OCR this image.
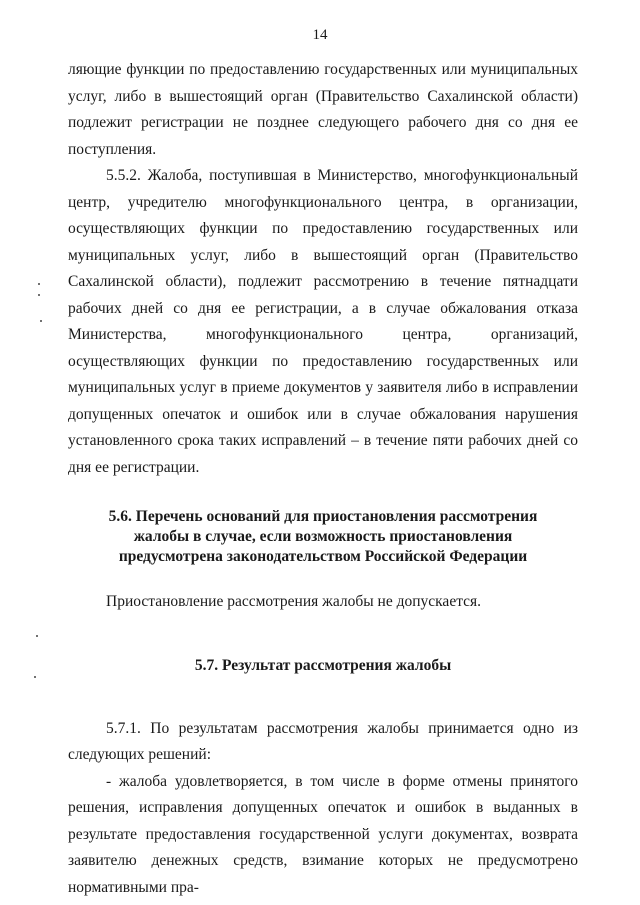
14

ляющие функции по предоставлению государственных или муниципальных услуг, либо в вышестоящий орган (Правительство Сахалинской области) подлежит регистрации не позднее следующего рабочего дня со дня ее поступления.

5.5.2. Жалоба, поступившая в Министерство, многофункциональный центр, учредителю многофункционального центра, в организации, осуществляющих функции по предоставлению государственных или муниципальных услуг, либо в вышестоящий орган (Правительство Сахалинской области), подлежит рассмотрению в течение пятнадцати рабочих дней со дня ее регистрации, а в случае обжалования отказа Министерства, многофункционального центра, организаций, осуществляющих функции по предоставлению государственных или муниципальных услуг в приеме документов у заявителя либо в исправлении допущенных опечаток и ошибок или в случае обжалования нарушения установленного срока таких исправлений – в течение пяти рабочих дней со дня ее регистрации.

5.6. Перечень оснований для приостановления рассмотрения
жалобы в случае, если возможность приостановления
предусмотрена законодательством Российской Федерации

Приостановление рассмотрения жалобы не допускается.

5.7. Результат рассмотрения жалобы

5.7.1. По результатам рассмотрения жалобы принимается одно из следующих решений:

- жалоба удовлетворяется, в том числе в форме отмены принятого решения, исправления допущенных опечаток и ошибок в выданных в результате предоставления государственной услуги документах, возврата заявителю денежных средств, взимание которых не предусмотрено нормативными пра-
